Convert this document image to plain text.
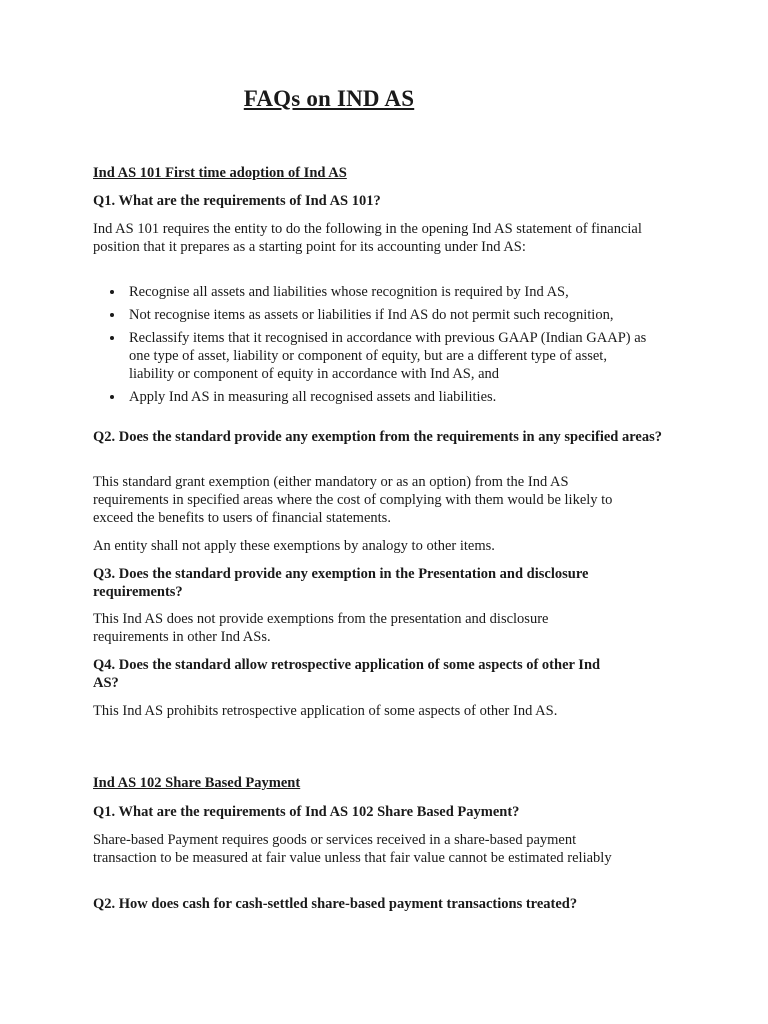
FAQs on IND AS
Ind AS 101 First time adoption of Ind AS
Q1. What are the requirements of Ind AS 101?

Ind AS 101 requires the entity to do the following in the opening Ind AS statement of financial position that it prepares as a starting point for its accounting under Ind AS:

Recognise all assets and liabilities whose recognition is required by Ind AS,
Not recognise items as assets or liabilities if Ind AS do not permit such recognition,
Reclassify items that it recognised in accordance with previous GAAP (Indian GAAP) as one type of asset, liability or component of equity, but are a different type of asset, liability or component of equity in accordance with Ind AS, and
Apply Ind AS in measuring all recognised assets and liabilities.
Q2. Does the standard provide any exemption from the requirements in any specified areas?

This standard grant exemption (either mandatory or as an option) from the Ind AS requirements in specified areas where the cost of complying with them would be likely to exceed the benefits to users of financial statements.

An entity shall not apply these exemptions by analogy to other items.

Q3. Does the standard provide any exemption in the Presentation and disclosure requirements?

This Ind AS does not provide exemptions from the presentation and disclosure requirements in other Ind ASs.

Q4. Does the standard allow retrospective application of some aspects of other Ind AS?

This Ind AS prohibits retrospective application of some aspects of other Ind AS.

Ind AS 102 Share Based Payment
Q1. What are the requirements of Ind AS 102 Share Based Payment?

Share-based Payment requires goods or services received in a share-based payment transaction to be measured at fair value unless that fair value cannot be estimated reliably

Q2. How does cash for cash-settled share-based payment transactions treated?
